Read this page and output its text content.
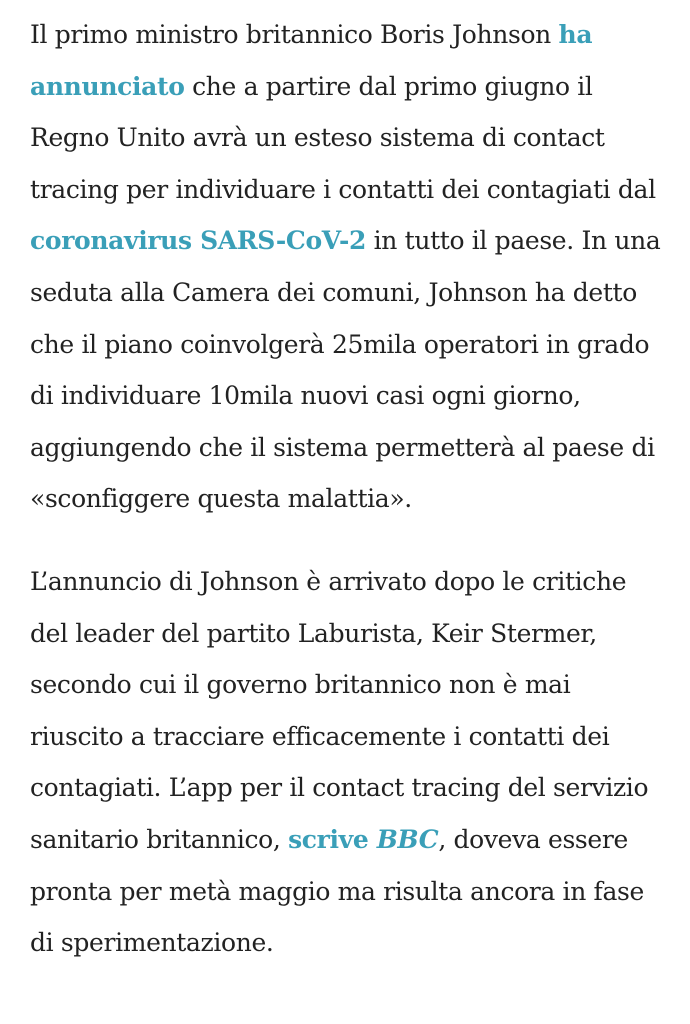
Il primo ministro britannico Boris Johnson ha annunciato che a partire dal primo giugno il Regno Unito avrà un esteso sistema di contact tracing per individuare i contatti dei contagiati dal coronavirus SARS-CoV-2 in tutto il paese. In una seduta alla Camera dei comuni, Johnson ha detto che il piano coinvolgerà 25mila operatori in grado di individuare 10mila nuovi casi ogni giorno, aggiungendo che il sistema permetterà al paese di «sconfiggere questa malattia».

L’annuncio di Johnson è arrivato dopo le critiche del leader del partito Laburista, Keir Stermer, secondo cui il governo britannico non è mai riuscito a tracciare efficacemente i contatti dei contagiati. L’app per il contact tracing del servizio sanitario britannico, scrive BBC, doveva essere pronta per metà maggio ma risulta ancora in fase di sperimentazione.
